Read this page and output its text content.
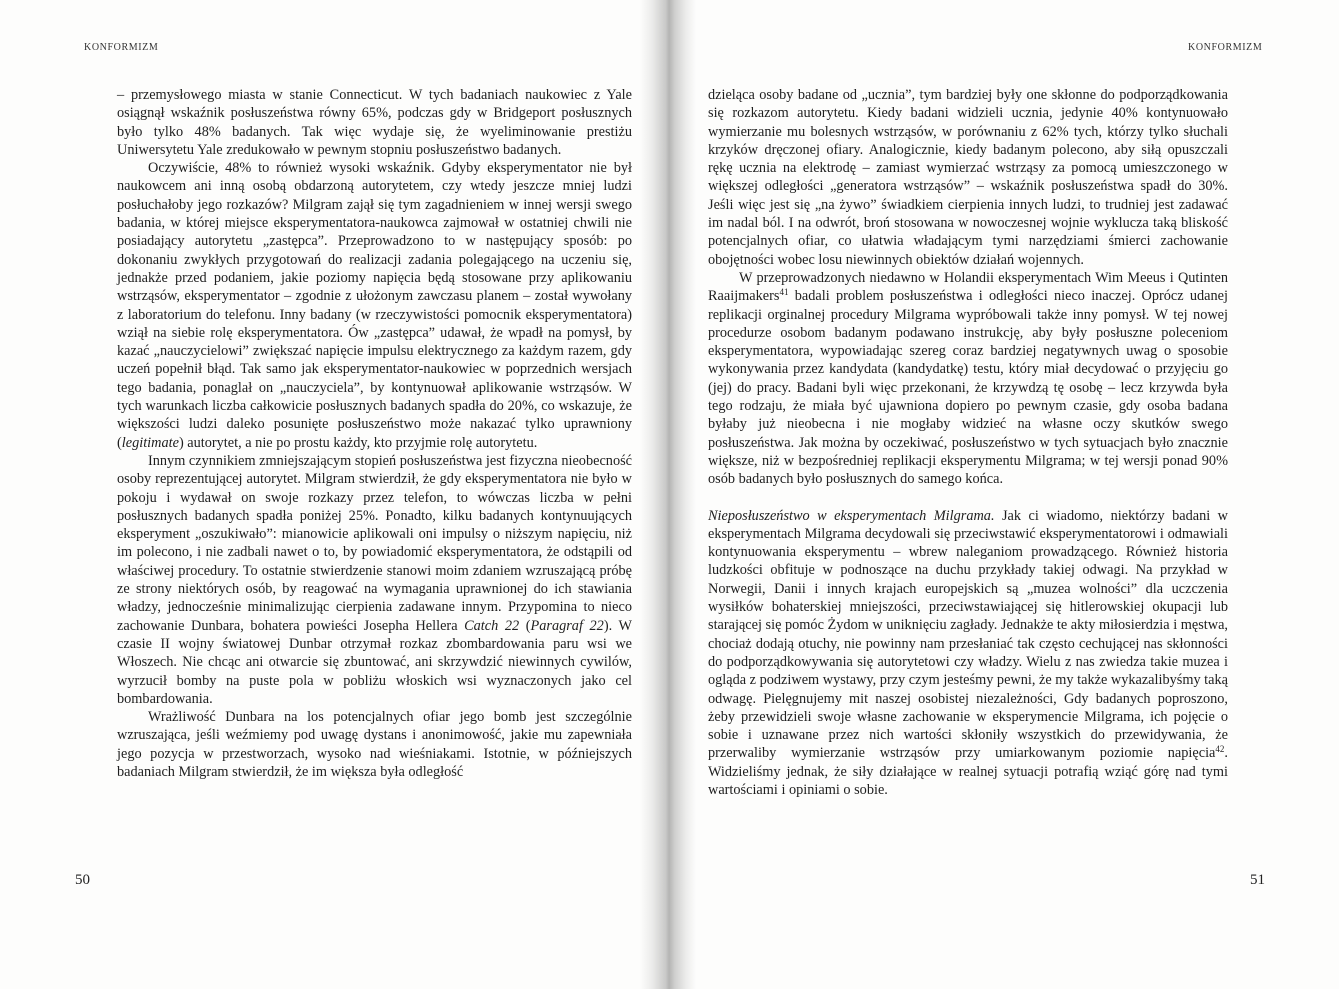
KONFORMIZM	KONFORMIZM

– przemysłowego miasta w stanie Connecticut. W tych badaniach naukowiec z Yale osiągnął wskaźnik posłuszeństwa równy 65%, podczas gdy w Bridgeport posłusznych było tylko 48% badanych. Tak więc wydaje się, że wyeliminowanie prestiżu Uniwersytetu Yale zredukowało w pewnym stopniu posłuszeństwo badanych.

Oczywiście, 48% to również wysoki wskaźnik. Gdyby eksperymentator nie był naukowcem ani inną osobą obdarzoną autorytetem, czy wtedy jeszcze mniej ludzi posłuchałoby jego rozkazów? Milgram zajął się tym zagadnieniem w innej wersji swego badania, w której miejsce eksperymentatora-naukowca zajmował w ostatniej chwili nie posiadający autorytetu „zastępca”. Przeprowadzono to w następujący sposób: po dokonaniu zwykłych przygotowań do realizacji zadania polegającego na uczeniu się, jednakże przed podaniem, jakie poziomy napięcia będą stosowane przy aplikowaniu wstrząsów, eksperymentator – zgodnie z ułożonym zawczasu planem – został wywołany z laboratorium do telefonu. Inny badany (w rzeczywistości pomocnik eksperymentatora) wziął na siebie rolę eksperymentatora. Ów „zastępca” udawał, że wpadł na pomysł, by kazać „nauczycielowi” zwiększać napięcie impulsu elektrycznego za każdym razem, gdy uczeń popełnił błąd. Tak samo jak eksperymentator-naukowiec w poprzednich wersjach tego badania, ponaglał on „nauczyciela”, by kontynuował aplikowanie wstrząsów. W tych warunkach liczba całkowicie posłusznych badanych spadła do 20%, co wskazuje, że większości ludzi daleko posunięte posłuszeństwo może nakazać tylko uprawniony (legitimate) autorytet, a nie po prostu każdy, kto przyjmie rolę autorytetu.

Innym czynnikiem zmniejszającym stopień posłuszeństwa jest fizyczna nieobecność osoby reprezentującej autorytet. Milgram stwierdził, że gdy eksperymentatora nie było w pokoju i wydawał on swoje rozkazy przez telefon, to wówczas liczba w pełni posłusznych badanych spadła poniżej 25%. Ponadto, kilku badanych kontynuujących eksperyment „oszukiwało”: mianowicie aplikowali oni impulsy o niższym napięciu, niż im polecono, i nie zadbali nawet o to, by powiadomić eksperymentatora, że odstąpili od właściwej procedury. To ostatnie stwierdzenie stanowi moim zdaniem wzruszającą próbę ze strony niektórych osób, by reagować na wymagania uprawnionej do ich stawiania władzy, jednocześnie minimalizując cierpienia zadawane innym. Przypomina to nieco zachowanie Dunbara, bohatera powieści Josepha Hellera Catch 22 (Paragraf 22). W czasie II wojny światowej Dunbar otrzymał rozkaz zbombardowania paru wsi we Włoszech. Nie chcąc ani otwarcie się zbuntować, ani skrzywdzić niewinnych cywilów, wyrzucił bomby na puste pola w pobliżu włoskich wsi wyznaczonych jako cel bombardowania.

Wrażliwość Dunbara na los potencjalnych ofiar jego bomb jest szczególnie wzruszająca, jeśli weźmiemy pod uwagę dystans i anonimowość, jakie mu zapewniała jego pozycja w przestworzach, wysoko nad wieśniakami. Istotnie, w późniejszych badaniach Milgram stwierdził, że im większa była odległość

dzieląca osoby badane od „ucznia”, tym bardziej były one skłonne do podporządkowania się rozkazom autorytetu. Kiedy badani widzieli ucznia, jedynie 40% kontynuowało wymierzanie mu bolesnych wstrząsów, w porównaniu z 62% tych, którzy tylko słuchali krzyków dręczonej ofiary. Analogicznie, kiedy badanym polecono, aby siłą opuszczali rękę ucznia na elektrodę – zamiast wymierzać wstrząsy za pomocą umieszczonego w większej odległości „generatora wstrząsów” – wskaźnik posłuszeństwa spadł do 30%. Jeśli więc jest się „na żywo” świadkiem cierpienia innych ludzi, to trudniej jest zadawać im nadal ból. I na odwrót, broń stosowana w nowoczesnej wojnie wyklucza taką bliskość potencjalnych ofiar, co ułatwia władającym tymi narzędziami śmierci zachowanie obojętności wobec losu niewinnych obiektów działań wojennych.

W przeprowadzonych niedawno w Holandii eksperymentach Wim Meeus i Qutinten Raaijmakers$^{41}$ badali problem posłuszeństwa i odległości nieco inaczej. Oprócz udanej replikacji orginalnej procedury Milgrama wypróbowali także inny pomysł. W tej nowej procedurze osobom badanym podawano instrukcję, aby były posłuszne poleceniom eksperymentatora, wypowiadając szereg coraz bardziej negatywnych uwag o sposobie wykonywania przez kandydata (kandydatkę) testu, który miał decydować o przyjęciu go (jej) do pracy. Badani byli więc przekonani, że krzywdzą tę osobę – lecz krzywda była tego rodzaju, że miała być ujawniona dopiero po pewnym czasie, gdy osoba badana byłaby już nieobecna i nie mogłaby widzieć na własne oczy skutków swego posłuszeństwa. Jak można by oczekiwać, posłuszeństwo w tych sytuacjach było znacznie większe, niż w bezpośredniej replikacji eksperymentu Milgrama; w tej wersji ponad 90% osób badanych było posłusznych do samego końca.

Nieposłuszeństwo w eksperymentach Milgrama. Jak ci wiadomo, niektórzy badani w eksperymentach Milgrama decydowali się przeciwstawić eksperymentatorowi i odmawiali kontynuowania eksperymentu – wbrew naleganiom prowadzącego. Również historia ludzkości obfituje w podnoszące na duchu przykłady takiej odwagi. Na przykład w Norwegii, Danii i innych krajach europejskich są „muzea wolności” dla uczczenia wysiłków bohaterskiej mniejszości, przeciwstawiającej się hitlerowskiej okupacji lub starającej się pomóc Żydom w uniknięciu zagłady. Jednakże te akty miłosierdzia i męstwa, chociaż dodają otuchy, nie powinny nam przesłaniać tak często cechującej nas skłonności do podporządkowywania się autorytetowi czy władzy. Wielu z nas zwiedza takie muzea i ogląda z podziwem wystawy, przy czym jesteśmy pewni, że my także wykazalibyśmy taką odwagę. Pielęgnujemy mit naszej osobistej niezależności, Gdy badanych poproszono, żeby przewidzieli swoje własne zachowanie w eksperymencie Milgrama, ich pojęcie o sobie i uznawane przez nich wartości skłoniły wszystkich do przewidywania, że przerwaliby wymierzanie wstrząsów przy umiarkowanym poziomie napięcia$^{42}$. Widzieliśmy jednak, że siły działające w realnej sytuacji potrafią wziąć górę nad tymi wartościami i opiniami o sobie.

50	51
